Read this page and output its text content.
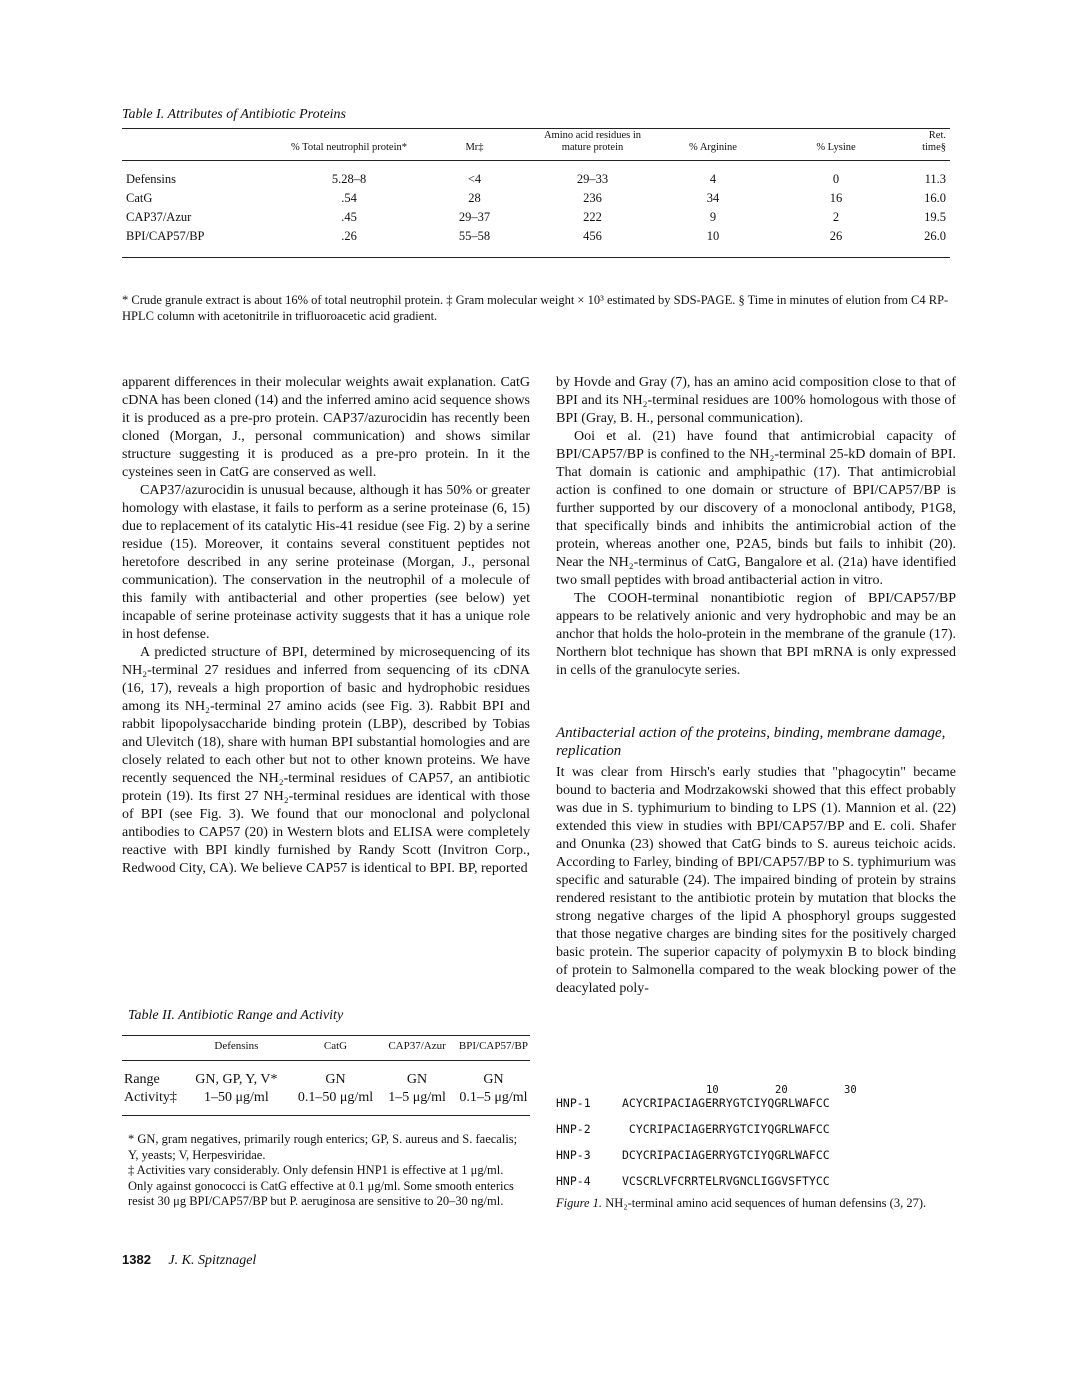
Table I. Attributes of Antibiotic Proteins
	% Total neutrophil protein*	Mr‡	Amino acid residues in mature protein	% Arginine	% Lysine	Ret. time§
Defensins	5.28–8	<4	29–33	4	0	11.3
CatG	.54	28	236	34	16	16.0
CAP37/Azur	.45	29–37	222	9	2	19.5
BPI/CAP57/BP	.26	55–58	456	10	26	26.0

* Crude granule extract is about 16% of total neutrophil protein. ‡ Gram molecular weight × 10³ estimated by SDS-PAGE. § Time in minutes of elution from C4 RP-HPLC column with acetonitrile in trifluoroacetic acid gradient.

apparent differences in their molecular weights await explanation. CatG cDNA has been cloned (14) and the inferred amino acid sequence shows it is produced as a pre-pro protein. CAP37/azurocidin has recently been cloned (Morgan, J., personal communication) and shows similar structure suggesting it is produced as a pre-pro protein. In it the cysteines seen in CatG are conserved as well.

CAP37/azurocidin is unusual because, although it has 50% or greater homology with elastase, it fails to perform as a serine proteinase (6, 15) due to replacement of its catalytic His-41 residue (see Fig. 2) by a serine residue (15). Moreover, it contains several constituent peptides not heretofore described in any serine proteinase (Morgan, J., personal communication). The conservation in the neutrophil of a molecule of this family with antibacterial and other properties (see below) yet incapable of serine proteinase activity suggests that it has a unique role in host defense.

A predicted structure of BPI, determined by microsequencing of its NH₂-terminal 27 residues and inferred from sequencing of its cDNA (16, 17), reveals a high proportion of basic and hydrophobic residues among its NH₂-terminal 27 amino acids (see Fig. 3). Rabbit BPI and rabbit lipopolysaccharide binding protein (LBP), described by Tobias and Ulevitch (18), share with human BPI substantial homologies and are closely related to each other but not to other known proteins. We have recently sequenced the NH₂-terminal residues of CAP57, an antibiotic protein (19). Its first 27 NH₂-terminal residues are identical with those of BPI (see Fig. 3). We found that our monoclonal and polyclonal antibodies to CAP57 (20) in Western blots and ELISA were completely reactive with BPI kindly furnished by Randy Scott (Invitron Corp., Redwood City, CA). We believe CAP57 is identical to BPI. BP, reported

Table II. Antibiotic Range and Activity
	Defensins	CatG	CAP37/Azur	BPI/CAP57/BP
Range	GN, GP, Y, V*	GN	GN	GN
Activity‡	1–50 μg/ml	0.1–50 μg/ml	1–5 μg/ml	0.1–5 μg/ml

* GN, gram negatives, primarily rough enterics; GP, S. aureus and S. faecalis; Y, yeasts; V, Herpesviridae.

‡ Activities vary considerably. Only defensin HNP1 is effective at 1 μg/ml. Only against gonococci is CatG effective at 0.1 μg/ml. Some smooth enterics resist 30 μg BPI/CAP57/BP but P. aeruginosa are sensitive to 20–30 ng/ml.

1382 J. K. Spitznagel

by Hovde and Gray (7), has an amino acid composition close to that of BPI and its NH₂-terminal residues are 100% homologous with those of BPI (Gray, B. H., personal communication).

Ooi et al. (21) have found that antimicrobial capacity of BPI/CAP57/BP is confined to the NH₂-terminal 25-kD domain of BPI. That domain is cationic and amphipathic (17). That antimicrobial action is confined to one domain or structure of BPI/CAP57/BP is further supported by our discovery of a monoclonal antibody, P1G8, that specifically binds and inhibits the antimicrobial action of the protein, whereas another one, P2A5, binds but fails to inhibit (20). Near the NH₂-terminus of CatG, Bangalore et al. (21a) have identified two small peptides with broad antibacterial action in vitro.

The COOH-terminal nonantibiotic region of BPI/CAP57/BP appears to be relatively anionic and very hydrophobic and may be an anchor that holds the holo-protein in the membrane of the granule (17). Northern blot technique has shown that BPI mRNA is only expressed in cells of the granulocyte series.

Antibacterial action of the proteins, binding, membrane damage, replication

It was clear from Hirsch's early studies that "phagocytin" became bound to bacteria and Modrzakowski showed that this effect probably was due in S. typhimurium to binding to LPS (1). Mannion et al. (22) extended this view in studies with BPI/CAP57/BP and E. coli. Shafer and Onunka (23) showed that CatG binds to S. aureus teichoic acids. According to Farley, binding of BPI/CAP57/BP to S. typhimurium was specific and saturable (24). The impaired binding of protein by strains rendered resistant to the antibiotic protein by mutation that blocks the strong negative charges of the lipid A phosphoryl groups suggested that those negative charges are binding sites for the positively charged basic protein. The superior capacity of polymyxin B to block binding of protein to Salmonella compared to the weak blocking power of the deacylated poly-

10	20	30
HNP-1	ACYCRIPACIAGERRYGTCIYQGRLWAFCC
HNP-2	CYCRIPACIAGERRYGTCIYQGRLWAFCC
HNP-3	DCYCRIPACIAGERRYGTCIYQGRLWAFCC
HNP-4	VCSCRLVFCRRTELRVGNCLIGGVSFTYCC
Figure 1. NH₂-terminal amino acid sequences of human defensins (3, 27).
